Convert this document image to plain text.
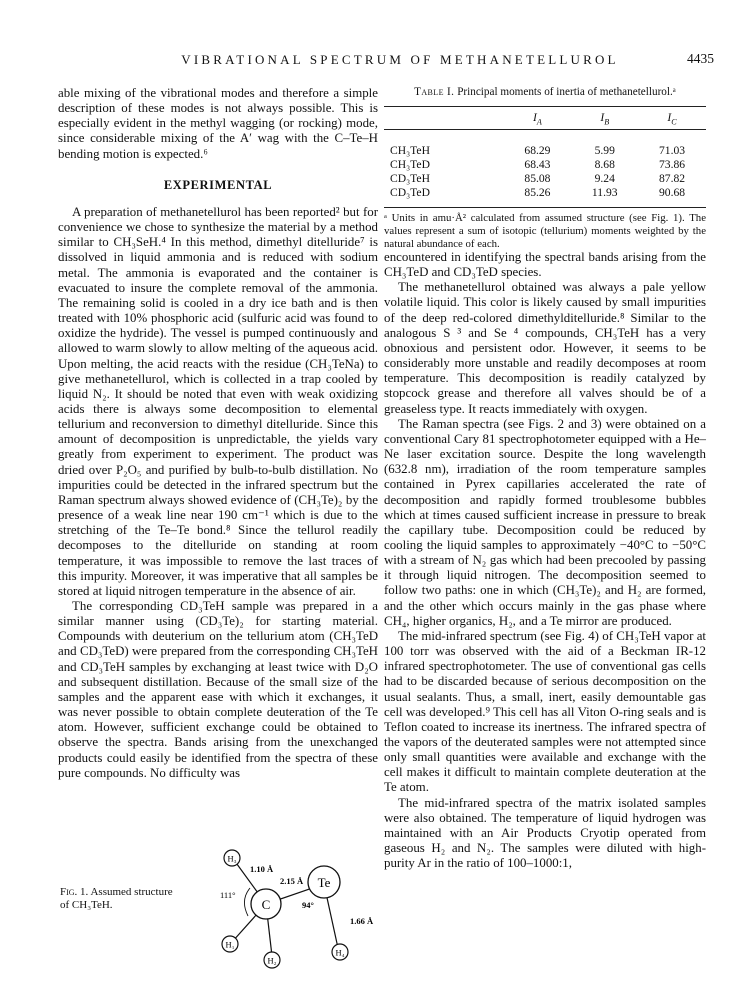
VIBRATIONAL SPECTRUM OF METHANETELLUROL	4435

able mixing of the vibrational modes and therefore a simple description of these modes is not always possible. This is especially evident in the methyl wagging (or rocking) mode, since considerable mixing of the A′ wag with the C–Te–H bending motion is expected.⁶

EXPERIMENTAL

A preparation of methanetellurol has been reported² but for convenience we chose to synthesize the material by a method similar to CH₃SeH.⁴ In this method, dimethyl ditelluride⁷ is dissolved in liquid ammonia and is reduced with sodium metal. The ammonia is evaporated and the container is evacuated to insure the complete removal of the ammonia. The remaining solid is cooled in a dry ice bath and is then treated with 10% phosphoric acid (sulfuric acid was found to oxidize the hydride). The vessel is pumped continuously and allowed to warm slowly to allow melting of the aqueous acid. Upon melting, the acid reacts with the residue (CH₃TeNa) to give methanetellurol, which is collected in a trap cooled by liquid N₂. It should be noted that even with weak oxidizing acids there is always some decomposition to elemental tellurium and reconversion to dimethyl ditelluride. Since this amount of decomposition is unpredictable, the yields vary greatly from experiment to experiment. The product was dried over P₂O₅ and purified by bulb-to-bulb distillation. No impurities could be detected in the infrared spectrum but the Raman spectrum always showed evidence of (CH₃Te)₂ by the presence of a weak line near 190 cm⁻¹ which is due to the stretching of the Te–Te bond.⁸ Since the tellurol readily decomposes to the ditelluride on standing at room temperature, it was impossible to remove the last traces of this impurity. Moreover, it was imperative that all samples be stored at liquid nitrogen temperature in the absence of air.

The corresponding CD₃TeH sample was prepared in a similar manner using (CD₃Te)₂ for starting material. Compounds with deuterium on the tellurium atom (CH₃TeD and CD₃TeD) were prepared from the corresponding CH₃TeH and CD₃TeH samples by exchanging at least twice with D₂O and subsequent distillation. Because of the small size of the samples and the apparent ease with which it exchanges, it was never possible to obtain complete deuteration of the Te atom. However, sufficient exchange could be obtained to observe the spectra. Bands arising from the unexchanged products could easily be identified from the spectra of these pure compounds. No difficulty was

Table I. Principal moments of inertia of methanetellurol.ᵃ
	$I_A$	$I_B$	$I_C$
CH₃TeH	68.29	5.99	71.03
CH₃TeD	68.43	8.68	73.86
CD₃TeH	85.08	9.24	87.82
CD₃TeD	85.26	11.93	90.68
ᵃ Units in amu·Å² calculated from assumed structure (see Fig. 1). The values represent a sum of isotopic (tellurium) moments weighted by the natural abundance of each.

encountered in identifying the spectral bands arising from the CH₃TeD and CD₃TeD species.

The methanetellurol obtained was always a pale yellow volatile liquid. This color is likely caused by small impurities of the deep red-colored dimethylditelluride.⁸ Similar to the analogous S ³ and Se ⁴ compounds, CH₃TeH has a very obnoxious and persistent odor. However, it seems to be considerably more unstable and readily decomposes at room temperature. This decomposition is readily catalyzed by stopcock grease and therefore all valves should be of a greaseless type. It reacts immediately with oxygen.

The Raman spectra (see Figs. 2 and 3) were obtained on a conventional Cary 81 spectrophotometer equipped with a He–Ne laser excitation source. Despite the long wavelength (632.8 nm), irradiation of the room temperature samples contained in Pyrex capillaries accelerated the rate of decomposition and rapidly formed troublesome bubbles which at times caused sufficient increase in pressure to break the capillary tube. Decomposition could be reduced by cooling the liquid samples to approximately −40°C to −50°C with a stream of N₂ gas which had been precooled by passing it through liquid nitrogen. The decomposition seemed to follow two paths: one in which (CH₃Te)₂ and H₂ are formed, and the other which occurs mainly in the gas phase where CH₄, higher organics, H₂, and a Te mirror are produced.

The mid-infrared spectrum (see Fig. 4) of CH₃TeH vapor at 100 torr was observed with the aid of a Beckman IR-12 infrared spectrophotometer. The use of conventional gas cells had to be discarded because of serious decomposition on the usual sealants. Thus, a small, inert, easily demountable gas cell was developed.⁹ This cell has all Viton O-ring seals and is Teflon coated to increase its inertness. The infrared spectra of the vapors of the deuterated samples were not attempted since only small quantities were available and exchange with the cell makes it difficult to maintain complete deuteration at the Te atom.

The mid-infrared spectra of the matrix isolated samples were also obtained. The temperature of liquid hydrogen was maintained with an Air Products Cryotip operated from gaseous H₂ and N₂. The samples were diluted with high-purity Ar in the ratio of 100–1000:1,

Fig. 1. Assumed structure of CH₃TeH.	C
Te
H₃
H₁
H₂
H₄
1.10 Å
2.15 Å
1.66 Å
111°
94°
